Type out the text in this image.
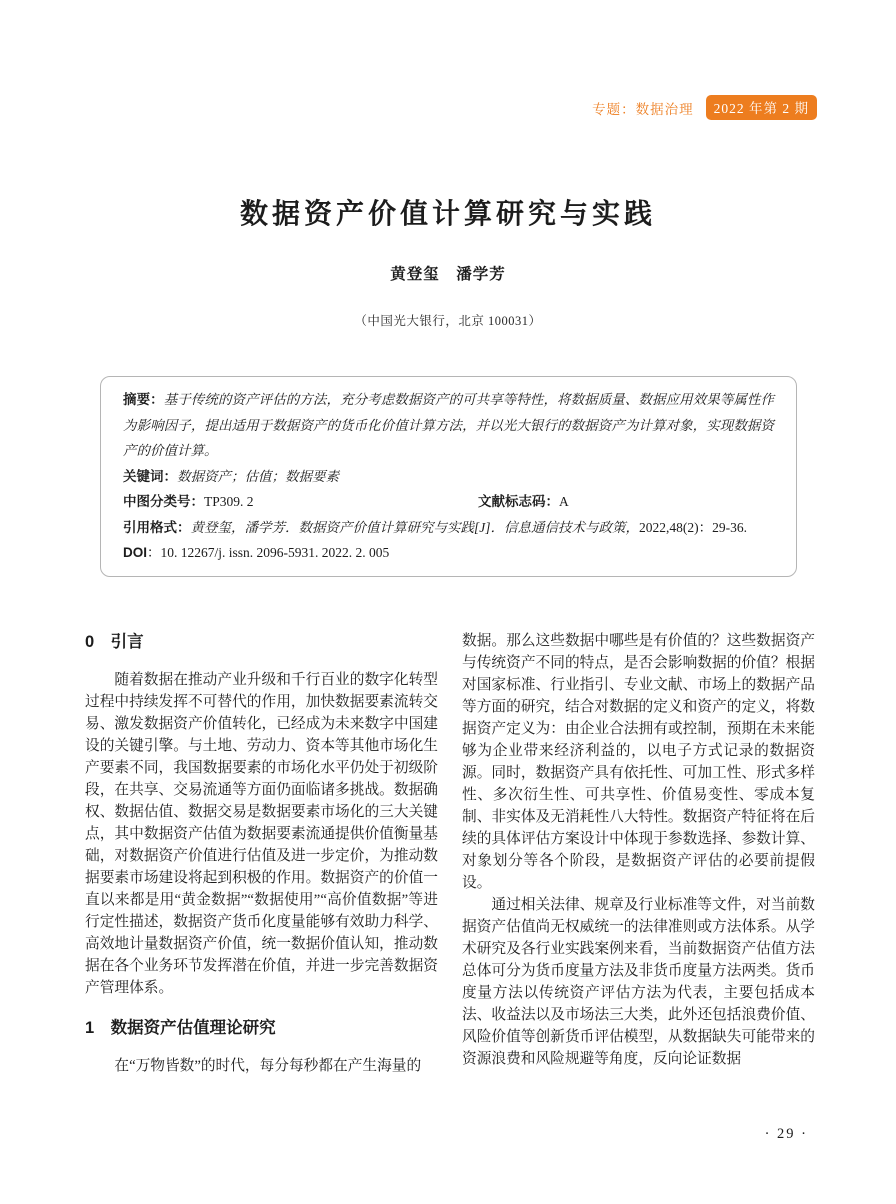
专题：数据治理	2022 年第 2 期
数据资产价值计算研究与实践
黄登玺　潘学芳
（中国光大银行，北京 100031）

摘要：基于传统的资产评估的方法，充分考虑数据资产的可共享等特性，将数据质量、数据应用效果等属性作为影响因子，提出适用于数据资产的货币化价值计算方法，并以光大银行的数据资产为计算对象，实现数据资产的价值计算。

关键词：数据资产；估值；数据要素

中图分类号：TP309. 2	文献标志码：A

引用格式：黄登玺，潘学芳．数据资产价值计算研究与实践[J]．信息通信技术与政策，2022,48(2)：29-36.

DOI：10. 12267/j. issn. 2096-5931. 2022. 2. 005

0　引言

随着数据在推动产业升级和千行百业的数字化转型过程中持续发挥不可替代的作用，加快数据要素流转交易、激发数据资产价值转化，已经成为未来数字中国建设的关键引擎。与土地、劳动力、资本等其他市场化生产要素不同，我国数据要素的市场化水平仍处于初级阶段，在共享、交易流通等方面仍面临诸多挑战。数据确权、数据估值、数据交易是数据要素市场化的三大关键点，其中数据资产估值为数据要素流通提供价值衡量基础，对数据资产价值进行估值及进一步定价，为推动数据要素市场建设将起到积极的作用。数据资产的价值一直以来都是用“黄金数据”“数据使用”“高价值数据”等进行定性描述，数据资产货币化度量能够有效助力科学、高效地计量数据资产价值，统一数据价值认知，推动数据在各个业务环节发挥潜在价值，并进一步完善数据资产管理体系。

1　数据资产估值理论研究

在“万物皆数”的时代，每分每秒都在产生海量的

数据。那么这些数据中哪些是有价值的？这些数据资产与传统资产不同的特点，是否会影响数据的价值？根据对国家标准、行业指引、专业文献、市场上的数据产品等方面的研究，结合对数据的定义和资产的定义，将数据资产定义为：由企业合法拥有或控制，预期在未来能够为企业带来经济利益的，以电子方式记录的数据资源。同时，数据资产具有依托性、可加工性、形式多样性、多次衍生性、可共享性、价值易变性、零成本复制、非实体及无消耗性八大特性。数据资产特征将在后续的具体评估方案设计中体现于参数选择、参数计算、对象划分等各个阶段，是数据资产评估的必要前提假设。

通过相关法律、规章及行业标准等文件，对当前数据资产估值尚无权威统一的法律准则或方法体系。从学术研究及各行业实践案例来看，当前数据资产估值方法总体可分为货币度量方法及非货币度量方法两类。货币度量方法以传统资产评估方法为代表，主要包括成本法、收益法以及市场法三大类，此外还包括浪费价值、风险价值等创新货币评估模型，从数据缺失可能带来的资源浪费和风险规避等角度，反向论证数据

· 29 ·
